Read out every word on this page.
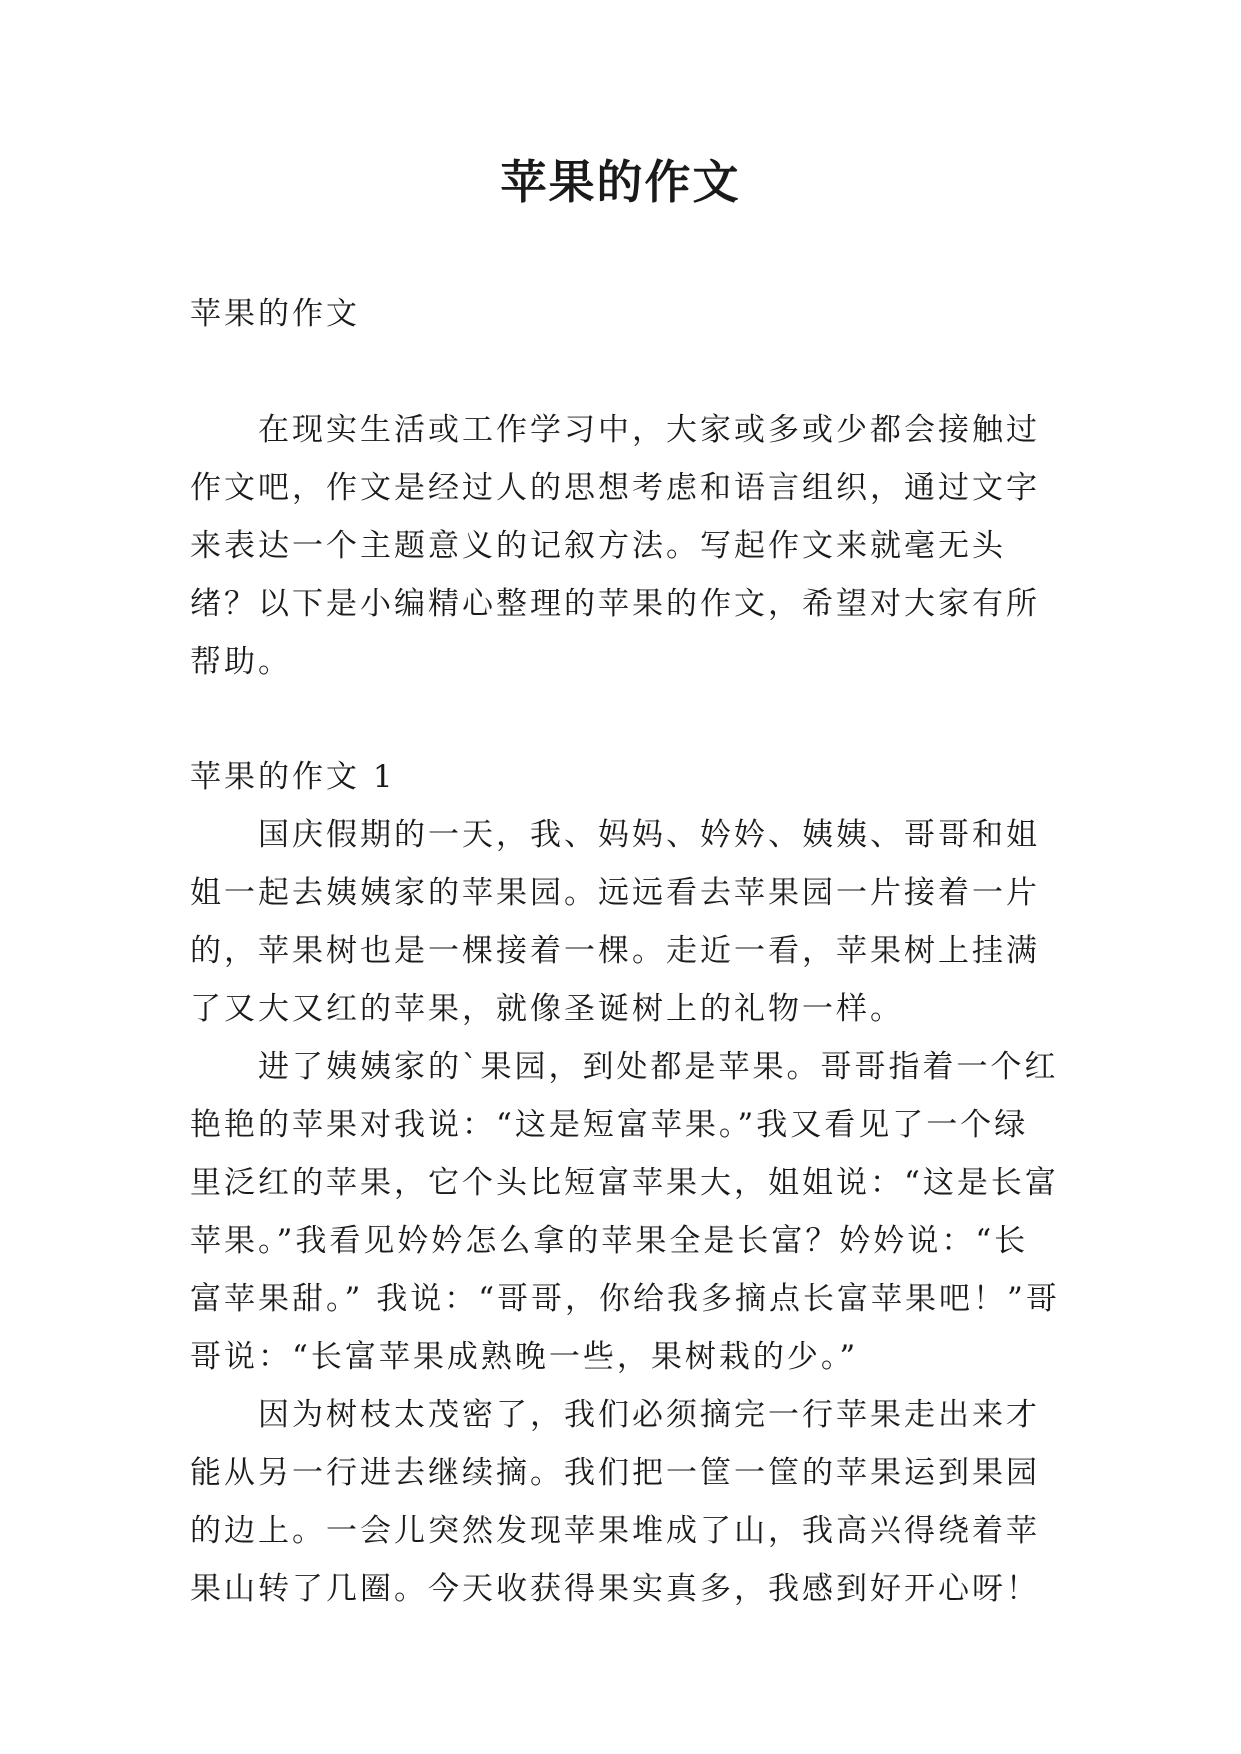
苹果的作文

苹果的作文

在现实生活或工作学习中，大家或多或少都会接触过作文吧，作文是经过人的思想考虑和语言组织，通过文字来表达一个主题意义的记叙方法。写起作文来就毫无头绪？以下是小编精心整理的苹果的作文，希望对大家有所帮助。

苹果的作文 1

国庆假期的一天，我、妈妈、妗妗、姨姨、哥哥和姐姐一起去姨姨家的苹果园。远远看去苹果园一片接着一片的，苹果树也是一棵接着一棵。走近一看，苹果树上挂满了又大又红的苹果，就像圣诞树上的礼物一样。

进了姨姨家的`果园，到处都是苹果。哥哥指着一个红艳艳的苹果对我说：“这是短富苹果。”我又看见了一个绿里泛红的苹果，它个头比短富苹果大，姐姐说：“这是长富苹果。”我看见妗妗怎么拿的苹果全是长富？妗妗说：“长富苹果甜。” 我说：“哥哥，你给我多摘点长富苹果吧！”哥哥说：“长富苹果成熟晚一些，果树栽的少。”

因为树枝太茂密了，我们必须摘完一行苹果走出来才能从另一行进去继续摘。我们把一筐一筐的苹果运到果园的边上。一会儿突然发现苹果堆成了山，我高兴得绕着苹果山转了几圈。今天收获得果实真多，我感到好开心呀！
